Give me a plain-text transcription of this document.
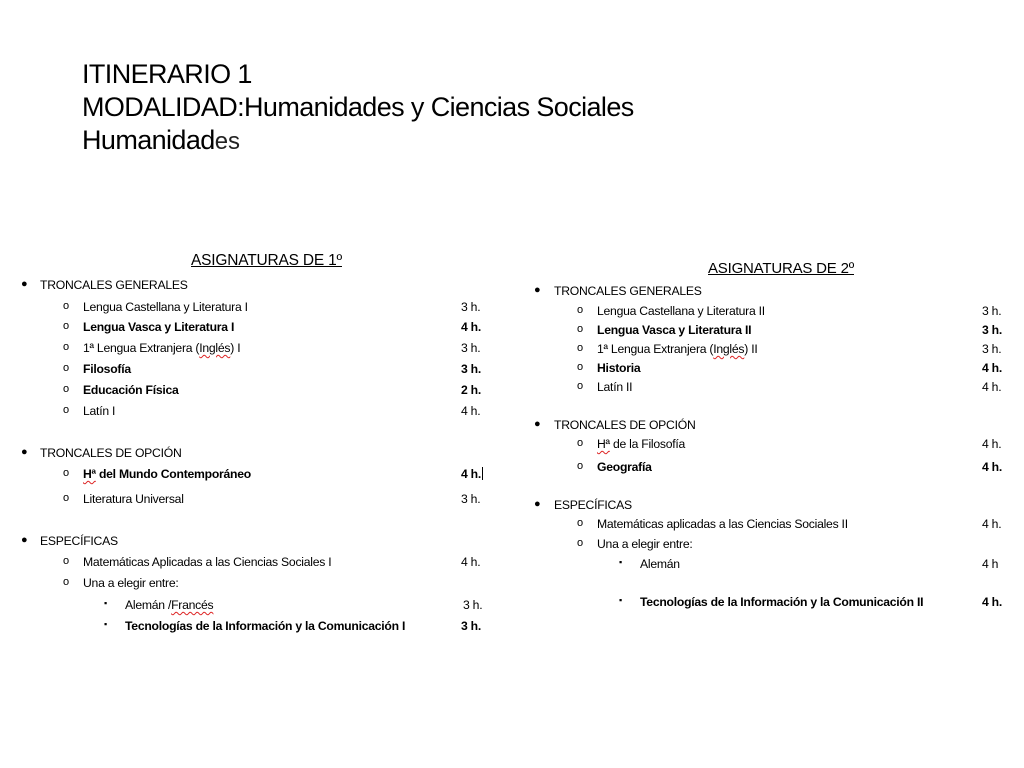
ITINERARIO 1
MODALIDAD:Humanidades y Ciencias Sociales
Humanidades
ASIGNATURAS DE 1º
● TRONCALES GENERALES
o Lengua Castellana y Literatura I	3 h.
o Lengua Vasca y Literatura I	4 h.
o 1ª Lengua Extranjera (Inglés) I	3 h.
o Filosofía	3 h.
o Educación Física	2 h.
o Latín I	4 h.
● TRONCALES DE OPCIÓN
o Hª del Mundo Contemporáneo	4 h.
o Literatura Universal	3 h.
● ESPECÍFICAS
o Matemáticas Aplicadas a las Ciencias Sociales I	4 h.
o Una a elegir entre:
▪ Alemán /Francés	3 h.
▪ Tecnologías de la Información y la Comunicación I	3 h.
ASIGNATURAS DE 2º
● TRONCALES GENERALES
o Lengua Castellana y Literatura II	3 h.
o Lengua Vasca y Literatura II	3 h.
o 1ª Lengua Extranjera (Inglés) II	3 h.
o Historia	4 h.
o Latín II	4 h.
● TRONCALES DE OPCIÓN
o Hª de la Filosofía	4 h.
o Geografía	4 h.
● ESPECÍFICAS
o Matemáticas aplicadas a las Ciencias Sociales II	4 h.
o Una a elegir entre:
▪ Alemán	4 h
▪ Tecnologías de la Información y la Comunicación II	4 h.
